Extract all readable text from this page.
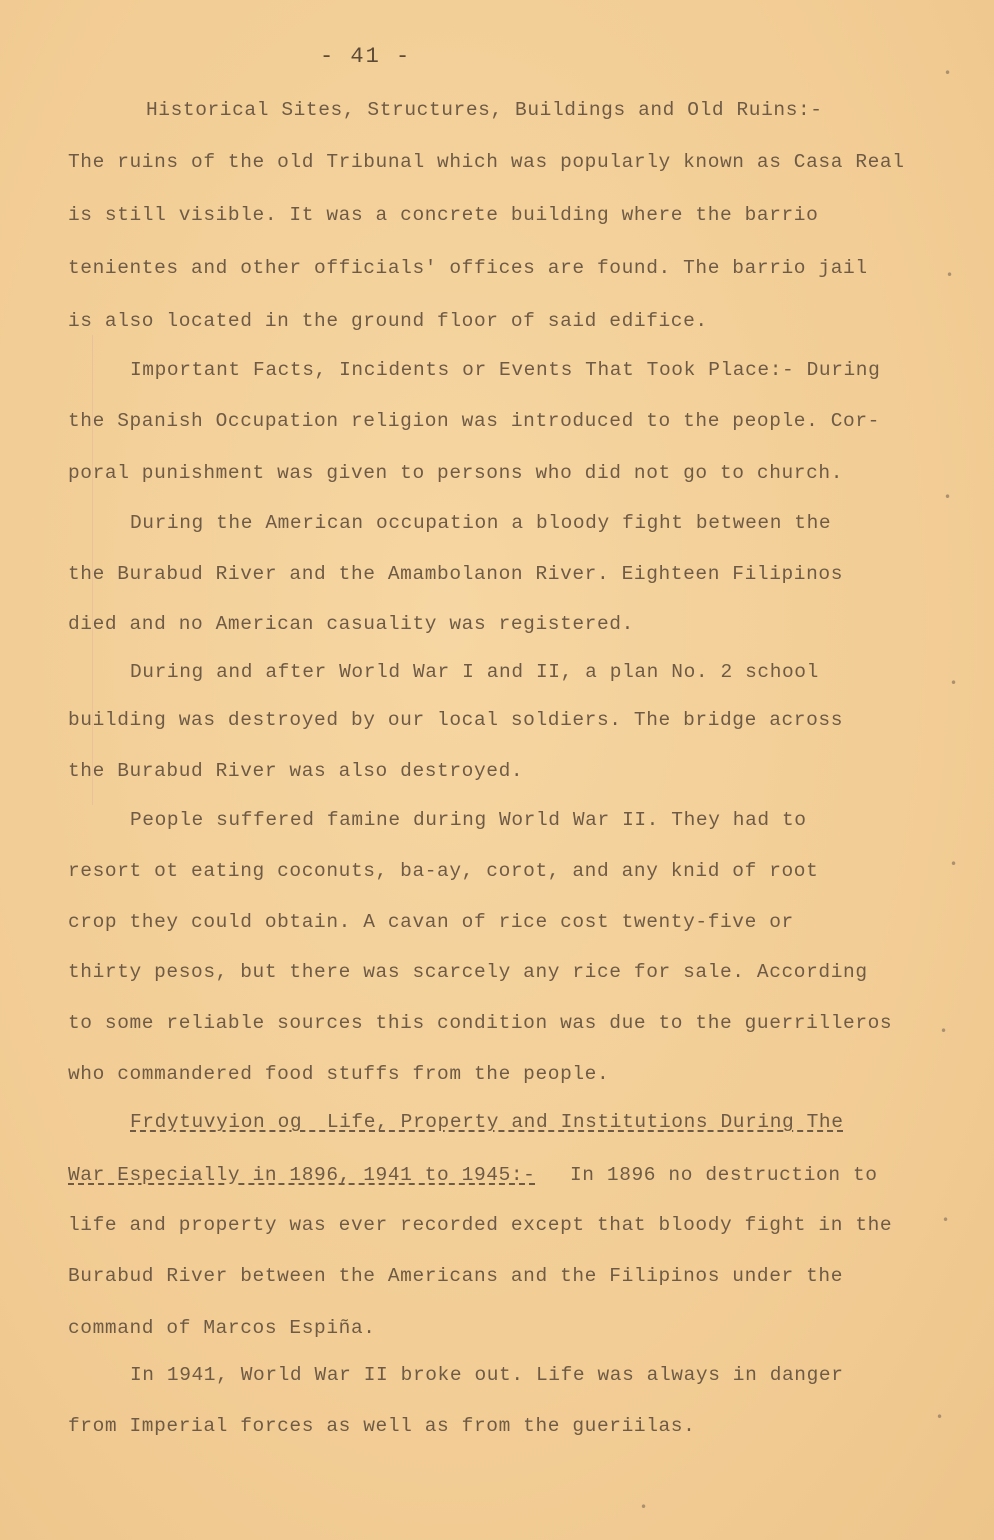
- 41 -
Historical Sites, Structures, Buildings and Old Ruins:-
The ruins of the old Tribunal which was popularly known as Casa Real
is still visible. It was a concrete building where the barrio
tenientes and other officials' offices are found. The barrio jail
is also located in the ground floor of said edifice.
Important Facts, Incidents or Events That Took Place:- During
the Spanish Occupation religion was introduced to the people. Cor-
poral punishment was given to persons who did not go to church.
During the American occupation a bloody fight between the
the Burabud River and the Amambolanon River. Eighteen Filipinos
died and no American casuality was registered.
During and after World War I and II, a plan No. 2 school
building was destroyed by our local soldiers. The bridge across
the Burabud River was also destroyed.
People suffered famine during World War II. They had to
resort ot eating coconuts, ba-ay, corot, and any knid of root
crop they could obtain. A cavan of rice cost twenty-five or
thirty pesos, but there was scarcely any rice for sale. According
to some reliable sources this condition was due to the guerrilleros
who commandered food stuffs from the people.
Frdytuvyion og  Life, Property and Institutions During The
War Especially in 1896, 1941 to 1945:- In 1896 no destruction to
life and property was ever recorded except that bloody fight in the
Burabud River between the Americans and the Filipinos under the
command of Marcos Espiña.
In 1941, World War II broke out. Life was always in danger
from Imperial forces as well as from the gueriilas.
•
•
•
•
•
•
•
•
•
